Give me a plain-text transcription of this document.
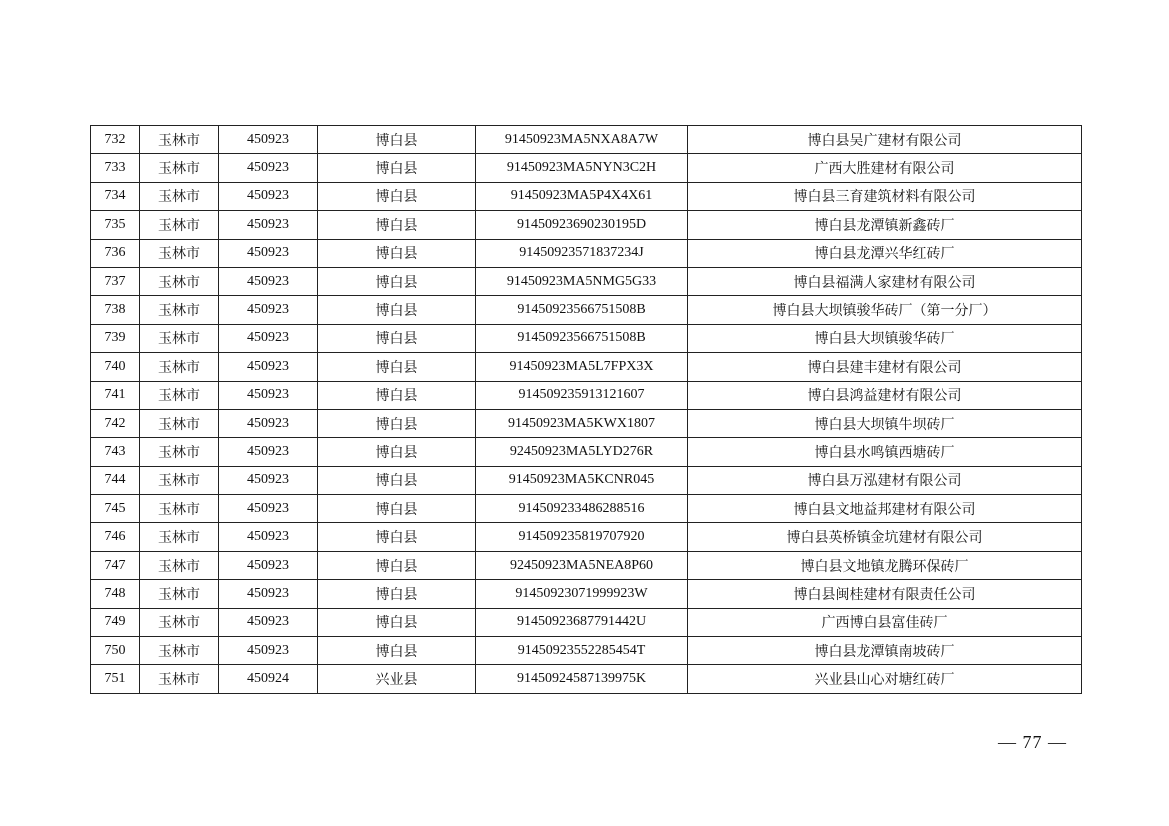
732	玉林市	450923	博白县	91450923MA5NXA8A7W	博白县吴广建材有限公司
733	玉林市	450923	博白县	91450923MA5NYN3C2H	广西大胜建材有限公司
734	玉林市	450923	博白县	91450923MA5P4X4X61	博白县三育建筑材料有限公司
735	玉林市	450923	博白县	91450923690230195D	博白县龙潭镇新鑫砖厂
736	玉林市	450923	博白县	91450923571837234J	博白县龙潭兴华红砖厂
737	玉林市	450923	博白县	91450923MA5NMG5G33	博白县福满人家建材有限公司
738	玉林市	450923	博白县	91450923566751508B	博白县大坝镇骏华砖厂（第一分厂）
739	玉林市	450923	博白县	91450923566751508B	博白县大坝镇骏华砖厂
740	玉林市	450923	博白县	91450923MA5L7FPX3X	博白县建丰建材有限公司
741	玉林市	450923	博白县	914509235913121607	博白县鸿益建材有限公司
742	玉林市	450923	博白县	91450923MA5KWX1807	博白县大坝镇牛坝砖厂
743	玉林市	450923	博白县	92450923MA5LYD276R	博白县水鸣镇西塘砖厂
744	玉林市	450923	博白县	91450923MA5KCNR045	博白县万泓建材有限公司
745	玉林市	450923	博白县	914509233486288516	博白县文地益邦建材有限公司
746	玉林市	450923	博白县	914509235819707920	博白县英桥镇金坑建材有限公司
747	玉林市	450923	博白县	92450923MA5NEA8P60	博白县文地镇龙腾环保砖厂
748	玉林市	450923	博白县	91450923071999923W	博白县闽桂建材有限责任公司
749	玉林市	450923	博白县	91450923687791442U	广西博白县富佳砖厂
750	玉林市	450923	博白县	91450923552285454T	博白县龙潭镇南坡砖厂
751	玉林市	450924	兴业县	91450924587139975K	兴业县山心对塘红砖厂
— 77 —
